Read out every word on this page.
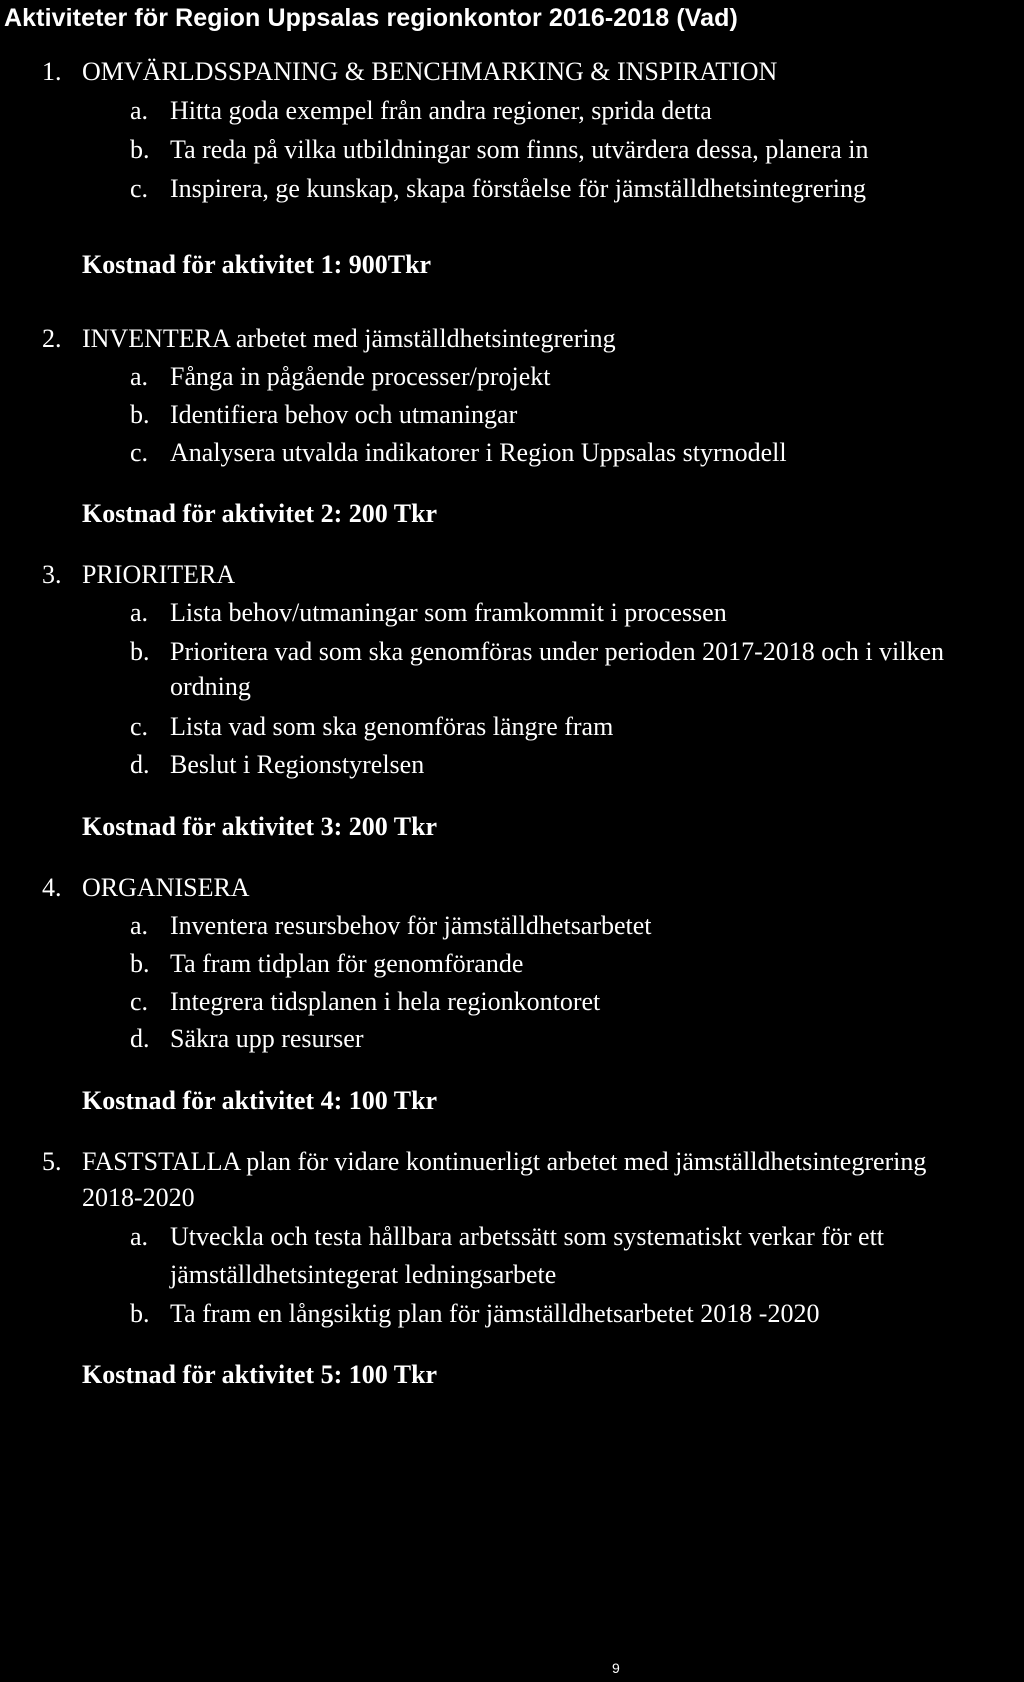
Aktiviteter för Region Uppsalas regionkontor 2016-2018 (Vad)
1. OMVÄRLDSSPANING & BENCHMARKING & INSPIRATION
a. Hitta goda exempel från andra regioner, sprida detta
b. Ta reda på vilka utbildningar som finns, utvärdera dessa, planera in
c. Inspirera, ge kunskap, skapa förståelse för jämställdhetsintegrering
Kostnad för aktivitet 1: 900Tkr
2. INVENTERA arbetet med jämställdhetsintegrering
a. Fånga in pågående processer/projekt
b. Identifiera behov och utmaningar
c. Analysera utvalda indikatorer i Region Uppsalas styrnodell
Kostnad för aktivitet 2: 200 Tkr
3. PRIORITERA
a. Lista behov/utmaningar som framkommit i processen
b. Prioritera vad som ska genomföras under perioden 2017-2018 och i vilken
ordning
c. Lista vad som ska genomföras längre fram
d. Beslut i Regionstyrelsen
Kostnad för aktivitet 3: 200 Tkr
4. ORGANISERA
a. Inventera resursbehov för jämställdhetsarbetet
b. Ta fram tidplan för genomförande
c. Integrera tidsplanen i hela regionkontoret
d. Säkra upp resurser
Kostnad för aktivitet 4: 100 Tkr
5. FASTSTALLA plan för vidare kontinuerligt arbetet med jämställdhetsintegrering
2018-2020
a. Utveckla och testa hållbara arbetssätt som systematiskt verkar för ett
jämställdhetsintegerat ledningsarbete
b. Ta fram en långsiktig plan för jämställdhetsarbetet 2018 -2020
Kostnad för aktivitet 5: 100 Tkr
9
